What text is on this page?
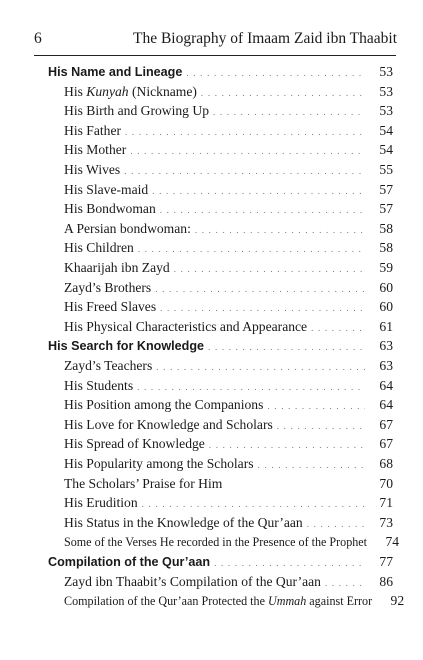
6	The Biography of Imaam Zaid ibn Thaabit
His Name and Lineage . . .	53
His Kunyah (Nickname) . . .	53
His Birth and Growing Up . . .	53
His Father . . .	54
His Mother . . .	54
His Wives . . .	55
His Slave-maid . . .	57
His Bondwoman . . .	57
A Persian bondwoman: . . .	58
His Children . . .	58
Khaarijah ibn Zayd . . .	59
Zayd’s Brothers . . .	60
His Freed Slaves . . .	60
His Physical Characteristics and Appearance . . .	61
His Search for Knowledge . . .	63
Zayd’s Teachers . . .	63
His Students . . .	64
His Position among the Companions . . .	64
His Love for Knowledge and Scholars . . .	67
His Spread of Knowledge . . .	67
His Popularity among the Scholars . . .	68
The Scholars’ Praise for Him	70
His Erudition . . .	71
His Status in the Knowledge of the Qur’aan . . .	73
Some of the Verses He recorded in the Presence of the Prophet	74
Compilation of the Qur’aan . . .	77
Zayd ibn Thaabit’s Compilation of the Qur’aan . . .	86
Compilation of the Qur’aan Protected the Ummah against Error	92
